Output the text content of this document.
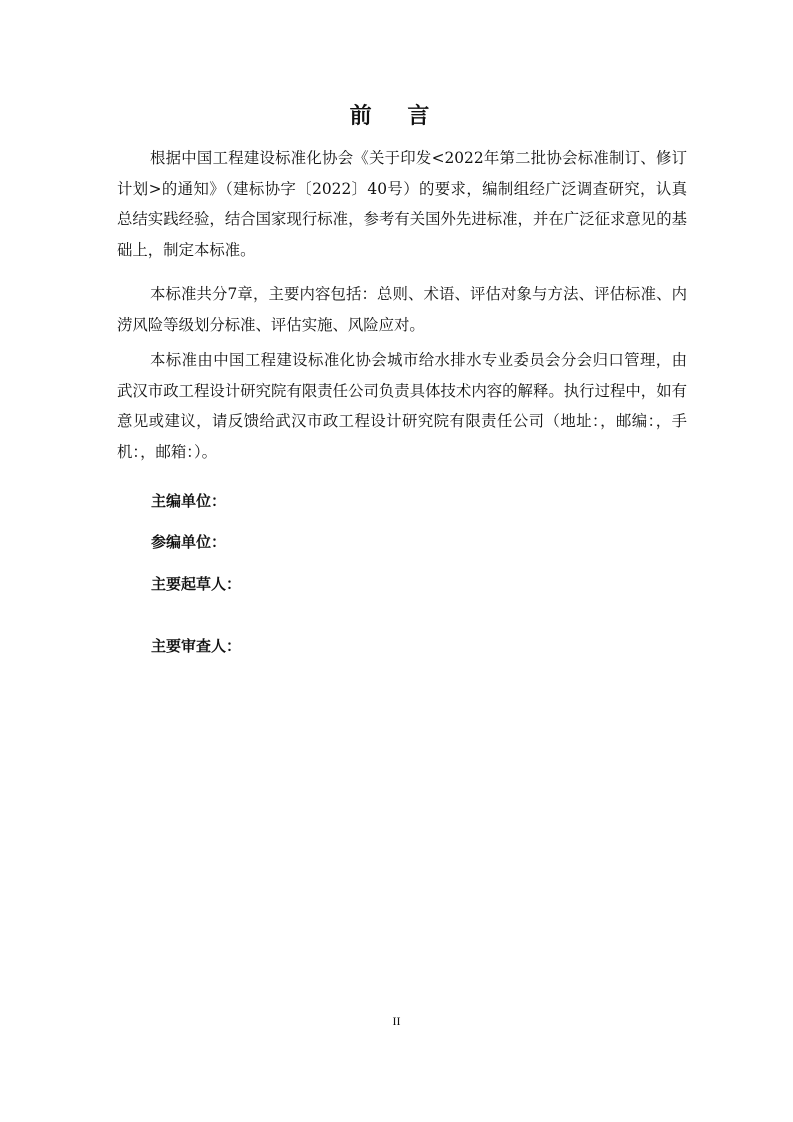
前 言

根据中国工程建设标准化协会《关于印发<2022年第二批协会标准制订、修订计划>的通知》（建标协字〔2022〕40号）的要求，编制组经广泛调查研究，认真总结实践经验，结合国家现行标准，参考有关国外先进标准，并在广泛征求意见的基础上，制定本标准。

本标准共分7章，主要内容包括：总则、术语、评估对象与方法、评估标准、内涝风险等级划分标准、评估实施、风险应对。

本标准由中国工程建设标准化协会城市给水排水专业委员会分会归口管理，由武汉市政工程设计研究院有限责任公司负责具体技术内容的解释。执行过程中，如有意见或建议，请反馈给武汉市政工程设计研究院有限责任公司（地址：，邮编：，手机：，邮箱：）。

主编单位：
参编单位：
主要起草人：
主要审查人：
II
